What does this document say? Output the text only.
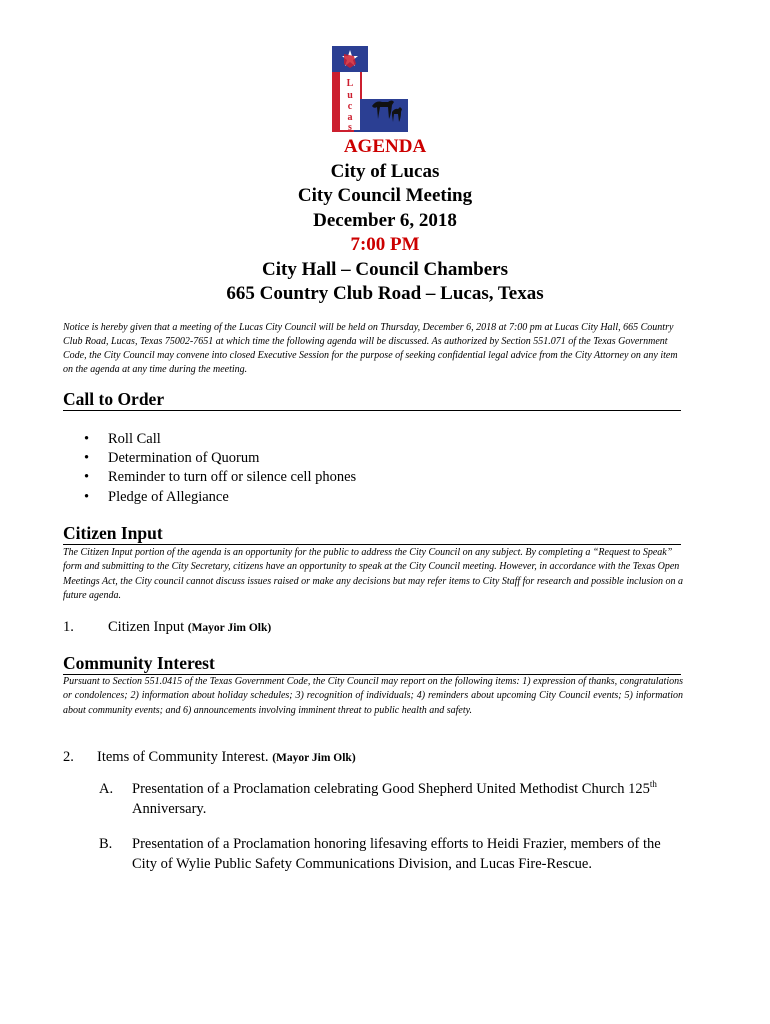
L
u
c
a
s
AGENDA
City of Lucas
City Council Meeting
December 6, 2018
7:00 PM
City Hall – Council Chambers
665 Country Club Road – Lucas, Texas
Notice is hereby given that a meeting of the Lucas City Council will be held on Thursday, December 6, 2018 at 7:00 pm at Lucas City Hall, 665 Country Club Road, Lucas, Texas 75002-7651 at which time the following agenda will be discussed. As authorized by Section 551.071 of the Texas Government Code, the City Council may convene into closed Executive Session for the purpose of seeking confidential legal advice from the City Attorney on any item on the agenda at any time during the meeting.
Call to Order
• Roll Call
• Determination of Quorum
• Reminder to turn off or silence cell phones
• Pledge of Allegiance
Citizen Input
The Citizen Input portion of the agenda is an opportunity for the public to address the City Council on any subject. By completing a “Request to Speak” form and submitting to the City Secretary, citizens have an opportunity to speak at the City Council meeting. However, in accordance with the Texas Open Meetings Act, the City council cannot discuss issues raised or make any decisions but may refer items to City Staff for research and possible inclusion on a future agenda.
1. Citizen Input (Mayor Jim Olk)
Community Interest
Pursuant to Section 551.0415 of the Texas Government Code, the City Council may report on the following items: 1) expression of thanks, congratulations or condolences; 2) information about holiday schedules; 3) recognition of individuals; 4) reminders about upcoming City Council events; 5) information about community events; and 6) announcements involving imminent threat to public health and safety.
2. Items of Community Interest. (Mayor Jim Olk)
A. Presentation of a Proclamation celebrating Good Shepherd United Methodist Church 125th
Anniversary.
B. Presentation of a Proclamation honoring lifesaving efforts to Heidi Frazier, members of the City of Wylie Public Safety Communications Division, and Lucas Fire-Rescue.
